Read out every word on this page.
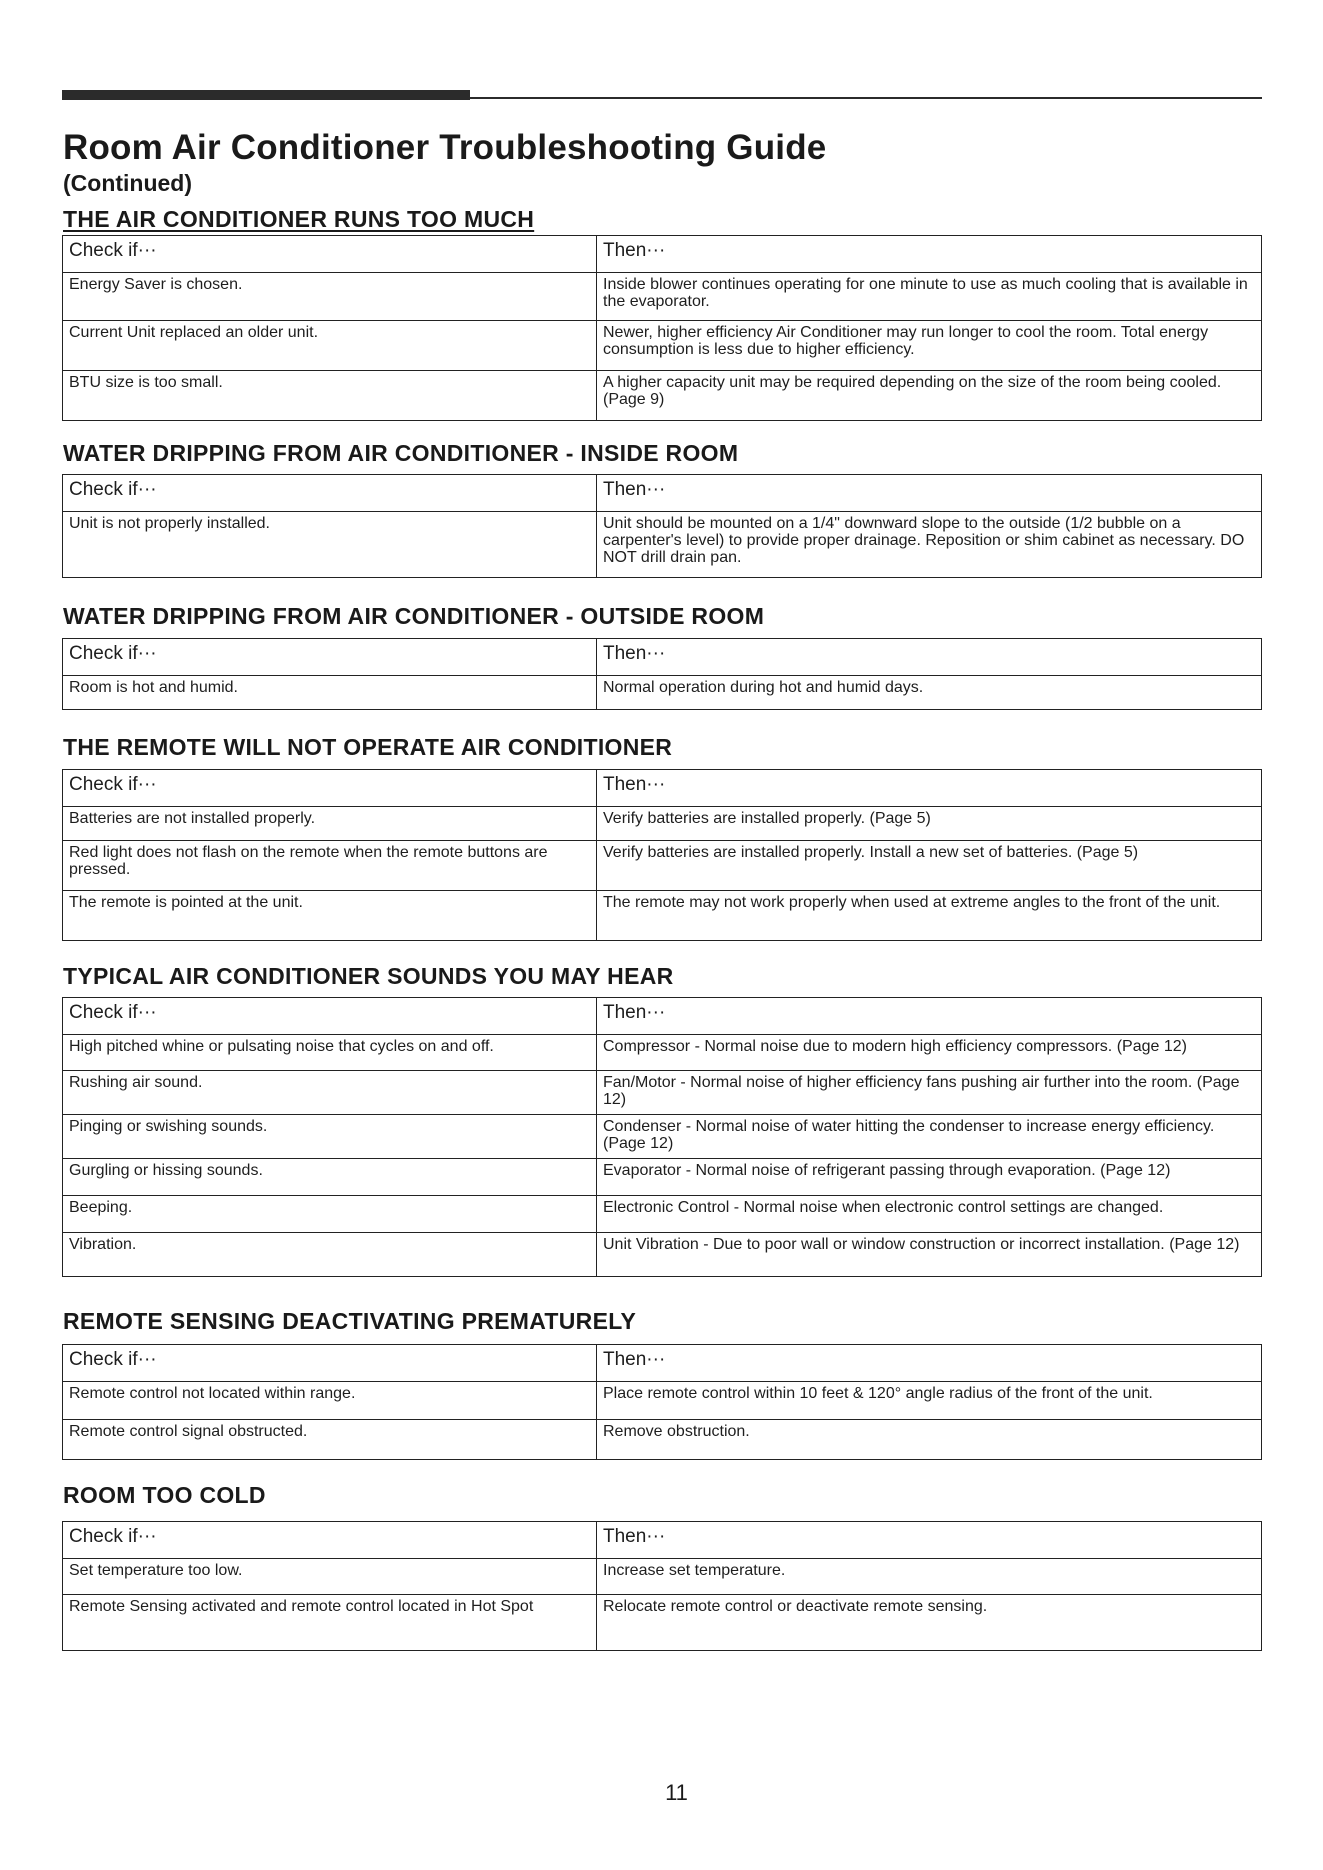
Room Air Conditioner Troubleshooting Guide
(Continued)
THE AIR CONDITIONER RUNS TOO MUCH
Check if···	Then···
Energy Saver is chosen.	Inside blower continues operating for one minute to use as much cooling that is available in the evaporator.
Current Unit replaced an older unit.	Newer, higher efficiency Air Conditioner may run longer to cool the room. Total energy consumption is less due to higher efficiency.
BTU size is too small.	A higher capacity unit may be required depending on the size of the room being cooled. (Page 9)
WATER DRIPPING FROM AIR CONDITIONER - INSIDE ROOM
Check if···	Then···
Unit is not properly installed.	Unit should be mounted on a 1/4" downward slope to the outside (1/2 bubble on a carpenter's level) to provide proper drainage. Reposition or shim cabinet as necessary. DO NOT drill drain pan.
WATER DRIPPING FROM AIR CONDITIONER - OUTSIDE ROOM
Check if···	Then···
Room is hot and humid.	Normal operation during hot and humid days.
THE REMOTE WILL NOT OPERATE AIR CONDITIONER
Check if···	Then···
Batteries are not installed properly.	Verify batteries are installed properly. (Page 5)
Red light does not flash on the remote when the remote buttons are pressed.	Verify batteries are installed properly. Install a new set of batteries. (Page 5)
The remote is pointed at the unit.	The remote may not work properly when used at extreme angles to the front of the unit.
TYPICAL AIR CONDITIONER SOUNDS YOU MAY HEAR
Check if···	Then···
High pitched whine or pulsating noise that cycles on and off.	Compressor - Normal noise due to modern high efficiency compressors. (Page 12)
Rushing air sound.	Fan/Motor - Normal noise of higher efficiency fans pushing air further into the room. (Page 12)
Pinging or swishing sounds.	Condenser - Normal noise of water hitting the condenser to increase energy efficiency. (Page 12)
Gurgling or hissing sounds.	Evaporator - Normal noise of refrigerant passing through evaporation. (Page 12)
Beeping.	Electronic Control - Normal noise when electronic control settings are changed.
Vibration.	Unit Vibration - Due to poor wall or window construction or incorrect installation. (Page 12)
REMOTE SENSING DEACTIVATING PREMATURELY
Check if···	Then···
Remote control not located within range.	Place remote control within 10 feet & 120° angle radius of the front of the unit.
Remote control signal obstructed.	Remove obstruction.
ROOM TOO COLD
Check if···	Then···
Set temperature too low.	Increase set temperature.
Remote Sensing activated and remote control located in Hot Spot	Relocate remote control or deactivate remote sensing.
11
